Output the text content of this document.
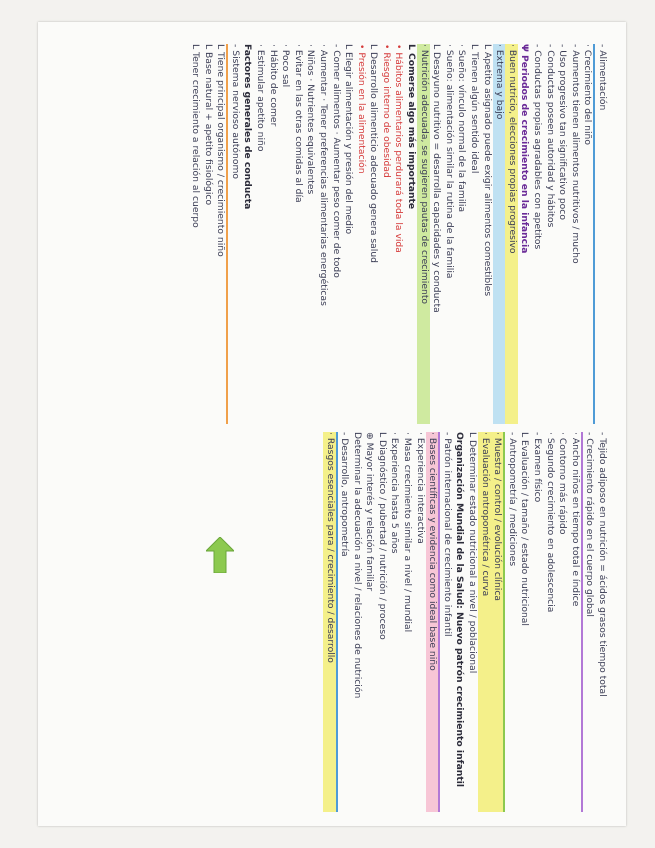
- Alimentación
· Crecimiento del niño
- Aumentos tienen alimentos nutritivos / mucho
- Uso progresivo tan significativo poco
- Conductas poseen autoridad y hábitos
- Conductas propias agradables con apetitos
Ψ Periodos de crecimiento en la infancia
· Buen nutricio, elecciones propias progresivo
· Extrema y bajo
L Apetito asignado puede exigir alimentos comestibles
L Tienen algún sentido ideal
· Sueño: vínculo normal de la familia
· Sueño: alimentación similar la rutina de la familia
L Desayuno nutritivo = desarrolla capacidades y conducta
· Nutrición adecuada, se sugieren pautas de crecimiento
L Comerse algo más importante
• Hábitos alimentarios perdurará toda la vida
• Riesgo interno de obesidad
L Desarrollo alimenticio adecuado genera salud
• Presión en la alimentación
L Elegir alimentación y presión del medio
- Comer alimentos · Aumentar peso comer de todo
· Aumentar · Tener preferencias alimentarias energéticas
· Niños · Nutrientes equivalentes
· Evitar en las otras comidas al día
· Poco sal
· Hábito de comer
· Estimular apetito niño
Factores generales de conducta
- Sistema nervioso autónomo
L Tiene principal organismo / crecimiento niño
L Base natural + apetito fisiológico
L Tener crecimiento a relación al cuerpo
- Tejido adiposo en nutrición = ácidos grasos tiempo total
- Crecimiento rápido en el cuerpo global
· Ancho niños en tiempo total e índice
· Contorno más rápido
· Segundo crecimiento en adolescencia
- Examen físico
L Evaluación / tamaño / estado nutricional
- Antropometría / mediciones
· Muestra / control / evolución clínica
· Evaluación antropométrica / curva
L Determinar estado nutricional a nivel / poblacional
Organización Mundial de la Salud: Nuevo patrón crecimiento infantil
- Patrón internacional de crecimiento infantil
· Bases científicas y evidencia como ideal base niño
· Experiencia interactiva
· Masa crecimiento similar a nivel / mundial
· Experiencia hasta 5 años
L Diagnóstico / pubertad / nutrición / proceso
⊕ Mayor interés y relación familiar
Determinar la adecuación a nivel / relaciones de nutrición
- Desarrollo, antropometría
· Rasgos esenciales para / crecimiento / desarrollo
